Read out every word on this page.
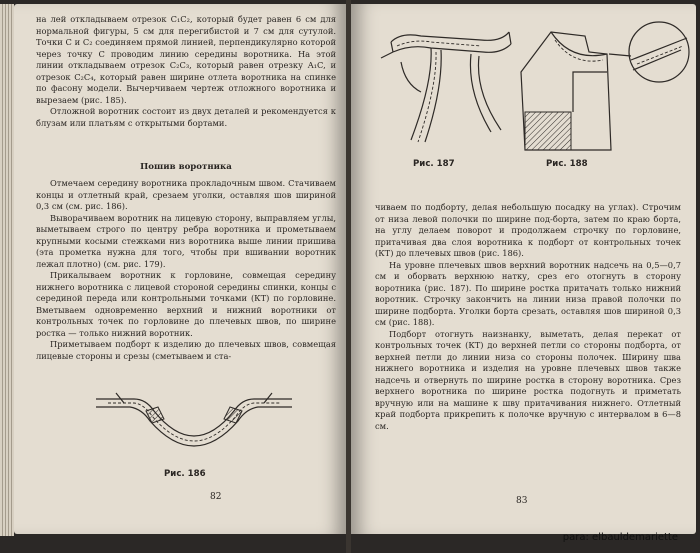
на лей откладываем отрезок C₁C₂, который будет равен 6 см для нормальной фигуры, 5 см для перегибистой и 7 см для сутулой. Точки C и C₂ соединяем прямой линией, перпендикулярно которой через точку C проводим линию середины воротника. На этой линии откладываем отрезок C₂C₃, который равен отрезку A₁C, и отрезок C₂C₄, который равен ширине отлета воротника на спинке по фасону модели. Вычерчиваем чертеж отложного воротника и вырезаем (рис. 185).

Отложной воротник состоит из двух деталей и рекомендуется к блузам или платьям с открытыми бортами.

Пошив воротника

Отмечаем середину воротника прокладочным швом. Стачиваем концы и отлетный край, срезаем уголки, оставляя шов шириной 0,3 см (см. рис. 186).

Выворачиваем воротник на лицевую сторону, выправляем углы, выметываем строго по центру ребра воротника и прометываем крупными косыми стежками низ воротника выше линии пришива (эта прометка нужна для того, чтобы при вшивании воротник лежал плотно) (см. рис. 179).

Прикалываем воротник к горловине, совмещая середину нижнего воротника с лицевой стороной середины спинки, концы с серединой переда или контрольными точками (КТ) по горловине. Вметываем одновременно верхний и нижний воротники от контрольных точек по горловине до плечевых швов, по ширине ростка — только нижний воротник.

Приметываем подборт к изделию до плечевых швов, совмещая лицевые стороны и срезы (сметываем и ста-

Рис. 186
82
Рис. 187	Рис. 188

чиваем по подборту, делая небольшую посадку на углах). Строчим от низа левой полочки по ширине под-борта, затем по краю борта, на углу делаем поворот и продолжаем строчку по горловине, притачивая два слоя воротника к подборт от контрольных точек (КТ) до плечевых швов (рис. 186).

На уровне плечевых швов верхний воротник надсечь на 0,5—0,7 см и оборвать верхнюю натку, срез его отогнуть в сторону воротника (рис. 187). По ширине ростка притачать только нижний воротник. Строчку закончить на линии низа правой полочки по ширине подборта. Уголки борта срезать, оставляя шов шириной 0,3 см (рис. 188).

Подборт отогнуть наизнанку, выметать, делая перекат от контрольных точек (КТ) до верхней петли со стороны подборта, от верхней петли до линии низа со стороны полочек. Ширину шва нижнего воротника и изделия на уровне плечевых швов также надсечь и отвернуть по ширине ростка в сторону воротника. Срез верхнего воротника по ширине ростка подогнуть и приметать вручную или на машине к шву притачивания нижнего. Отлетный край подборта прикрепить к полочке вручную с интервалом в 6—8 см.

83
para: elbauldemariette
